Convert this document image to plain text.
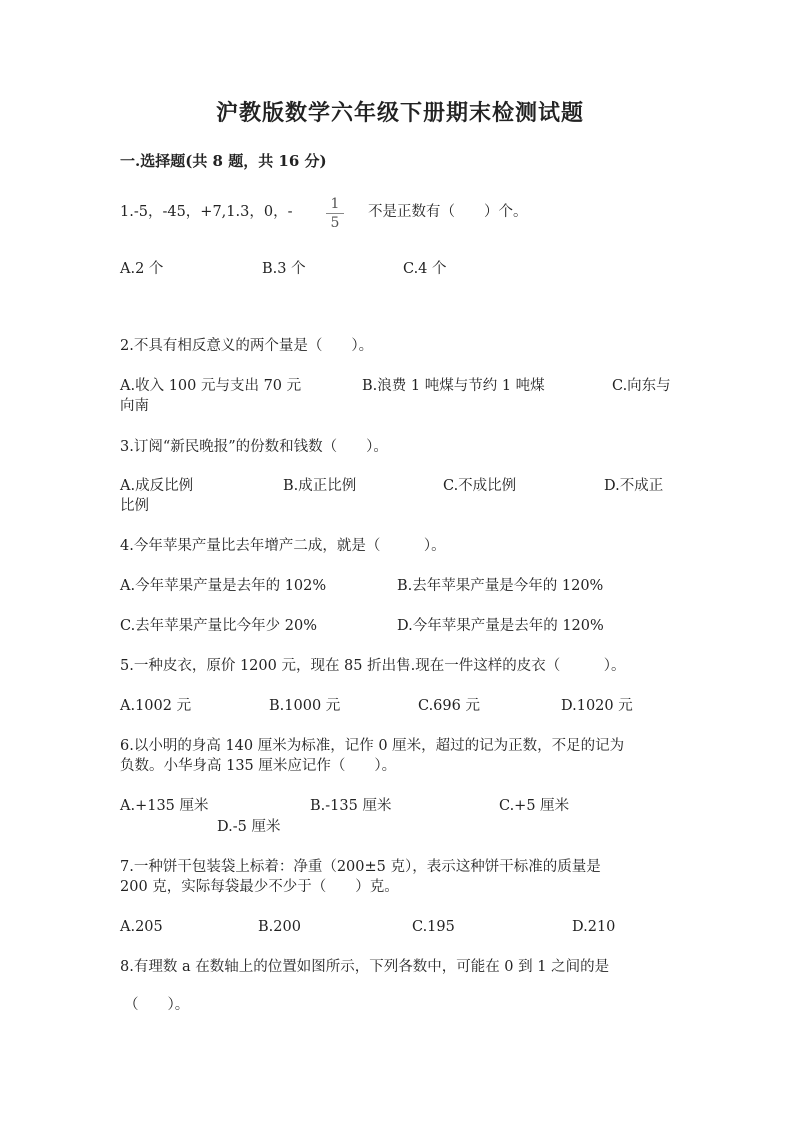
沪教版数学六年级下册期末检测试题
一.选择题(共 8 题，共 16 分)
1.-5，-45，+7,1.3，0，-	1
5
不是正数有（　　）个。
A.2 个	B.3 个	C.4 个
2.不具有相反意义的两个量是（　　）。
A.收入 100 元与支出 70 元	B.浪费 1 吨煤与节约 1 吨煤	C.向东与
向南
3.订阅“新民晚报”的份数和钱数（　　）。
A.成反比例	B.成正比例	C.不成比例	D.不成正
比例
4.今年苹果产量比去年增产二成，就是（　　　）。
A.今年苹果产量是去年的 102%	B.去年苹果产量是今年的 120%
C.去年苹果产量比今年少 20%	D.今年苹果产量是去年的 120%
5.一种皮衣，原价 1200 元，现在 85 折出售.现在一件这样的皮衣（　　　）。
A.1002 元	B.1000 元	C.696 元	D.1020 元
6.以小明的身高 140 厘米为标准，记作 0 厘米，超过的记为正数，不足的记为
负数。小华身高 135 厘米应记作（　　）。
A.+135 厘米	B.-135 厘米	C.+5 厘米
D.-5 厘米
7.一种饼干包装袋上标着：净重（200±5 克），表示这种饼干标准的质量是
200 克，实际每袋最少不少于（　　）克。
A.205	B.200	C.195	D.210
8.有理数 a 在数轴上的位置如图所示，下列各数中，可能在 0 到 1 之间的是
（　　）。
